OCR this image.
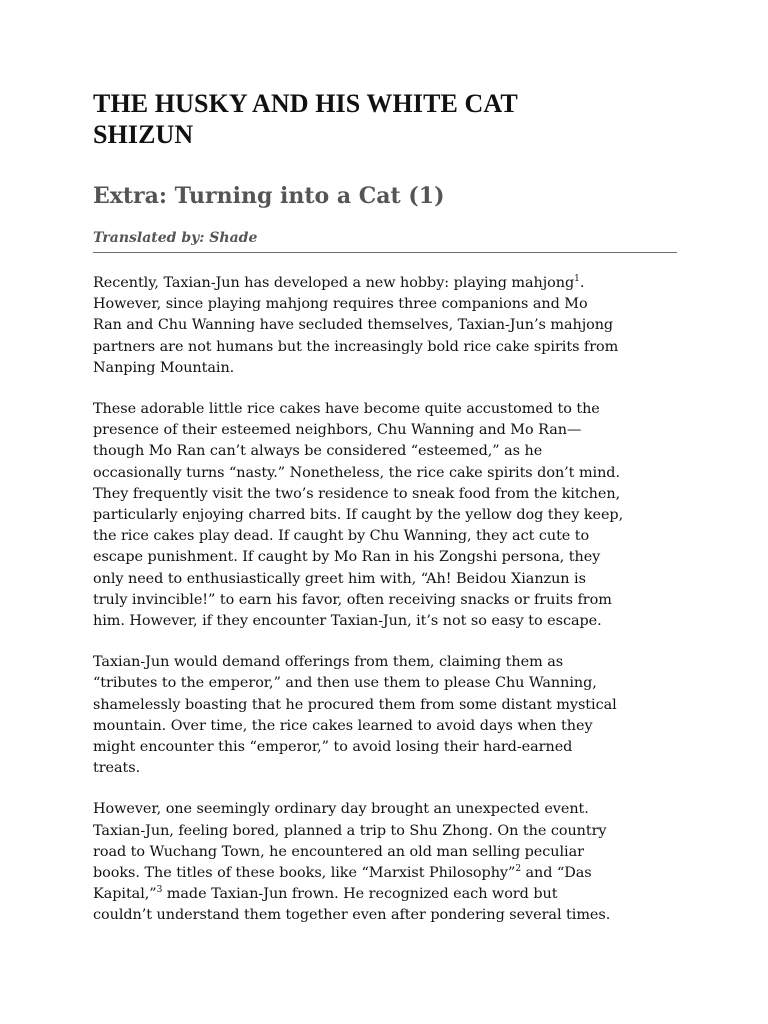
THE HUSKY AND HIS WHITE CAT
SHIZUN
Extra: Turning into a Cat (1)
Translated by: Shade

Recently, Taxian-Jun has developed a new hobby: playing mahjong$^1$.
However, since playing mahjong requires three companions and Mo
Ran and Chu Wanning have secluded themselves, Taxian-Jun’s mahjong
partners are not humans but the increasingly bold rice cake spirits from
Nanping Mountain.

These adorable little rice cakes have become quite accustomed to the
presence of their esteemed neighbors, Chu Wanning and Mo Ran—
though Mo Ran can’t always be considered “esteemed,” as he
occasionally turns “nasty.” Nonetheless, the rice cake spirits don’t mind.
They frequently visit the two’s residence to sneak food from the kitchen,
particularly enjoying charred bits. If caught by the yellow dog they keep,
the rice cakes play dead. If caught by Chu Wanning, they act cute to
escape punishment. If caught by Mo Ran in his Zongshi persona, they
only need to enthusiastically greet him with, “Ah! Beidou Xianzun is
truly invincible!” to earn his favor, often receiving snacks or fruits from
him. However, if they encounter Taxian-Jun, it’s not so easy to escape.

Taxian-Jun would demand offerings from them, claiming them as
“tributes to the emperor,” and then use them to please Chu Wanning,
shamelessly boasting that he procured them from some distant mystical
mountain. Over time, the rice cakes learned to avoid days when they
might encounter this “emperor,” to avoid losing their hard-earned
treats.

However, one seemingly ordinary day brought an unexpected event.
Taxian-Jun, feeling bored, planned a trip to Shu Zhong. On the country
road to Wuchang Town, he encountered an old man selling peculiar
books. The titles of these books, like “Marxist Philosophy”$^2$ and “Das
Kapital,”$^3$ made Taxian-Jun frown. He recognized each word but
couldn’t understand them together even after pondering several times.
